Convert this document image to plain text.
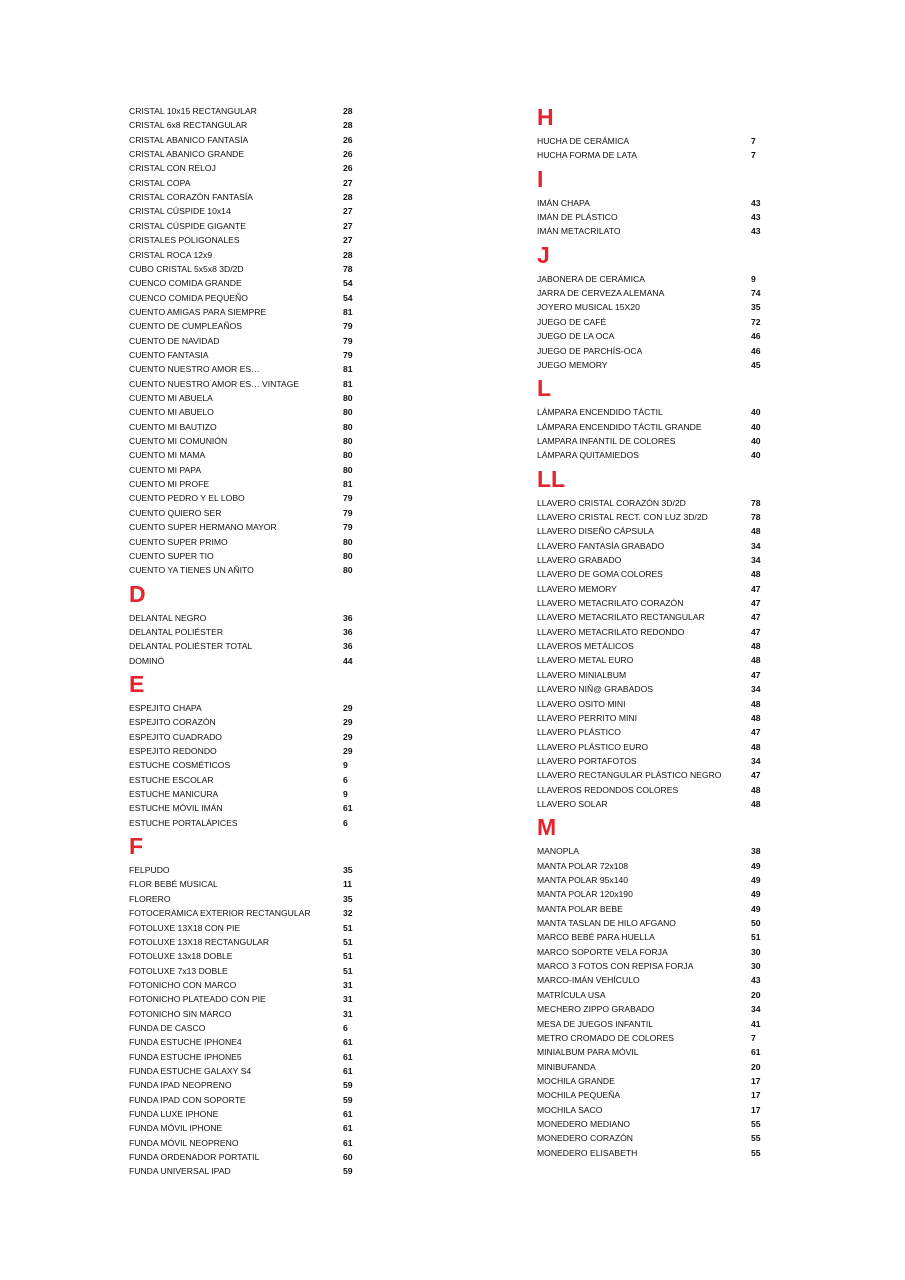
CRISTAL 10x15 RECTANGULAR	28
CRISTAL 6x8 RECTANGULAR	28
CRISTAL ABANICO FANTASÍA	26
CRISTAL ABANICO GRANDE	26
CRISTAL CON RELOJ	26
CRISTAL COPA	27
CRISTAL CORAZÓN FANTASÍA	28
CRISTAL CÚSPIDE 10x14	27
CRISTAL CÚSPIDE GIGANTE	27
CRISTALES POLIGONALES	27
CRISTAL ROCA 12x9	28
CUBO CRISTAL 5x5x8 3D/2D	78
CUENCO COMIDA GRANDE	54
CUENCO COMIDA PEQUEÑO	54
CUENTO AMIGAS PARA SIEMPRE	81
CUENTO DE CUMPLEAÑOS	79
CUENTO DE NAVIDAD	79
CUENTO FANTASIA	79
CUENTO NUESTRO AMOR ES…	81
CUENTO NUESTRO AMOR ES… VINTAGE	81
CUENTO MI ABUELA	80
CUENTO MI ABUELO	80
CUENTO MI BAUTIZO	80
CUENTO MI COMUNIÓN	80
CUENTO MI MAMA	80
CUENTO MI PAPA	80
CUENTO MI PROFE	81
CUENTO PEDRO Y EL LOBO	79
CUENTO QUIERO SER	79
CUENTO SUPER HERMANO MAYOR	79
CUENTO SUPER PRIMO	80
CUENTO SUPER TIO	80
CUENTO YA TIENES UN AÑITO	80
D
DELANTAL NEGRO	36
DELANTAL POLIÉSTER	36
DELANTAL POLIÉSTER TOTAL	36
DOMINÓ	44
E
ESPEJITO CHAPA	29
ESPEJITO CORAZÓN	29
ESPEJITO CUADRADO	29
ESPEJITO REDONDO	29
ESTUCHE COSMÉTICOS	9
ESTUCHE ESCOLAR	6
ESTUCHE MANICURA	9
ESTUCHE MÓVIL IMÁN	61
ESTUCHE PORTALÁPICES	6
F
FELPUDO	35
FLOR BEBÉ MUSICAL	11
FLORERO	35
FOTOCERAMICA EXTERIOR RECTANGULAR	32
FOTOLUXE 13X18 CON PIE	51
FOTOLUXE 13X18 RECTANGULAR	51
FOTOLUXE 13x18 DOBLE	51
FOTOLUXE 7x13 DOBLE	51
FOTONICHO CON MARCO	31
FOTONICHO PLATEADO CON PIE	31
FOTONICHO SIN MARCO	31
FUNDA DE CASCO	6
FUNDA ESTUCHE IPHONE4	61
FUNDA ESTUCHE IPHONE5	61
FUNDA ESTUCHE GALAXY S4	61
FUNDA IPAD NEOPRENO	59
FUNDA IPAD CON SOPORTE	59
FUNDA LUXE IPHONE	61
FUNDA MÓVIL IPHONE	61
FUNDA MÓVIL NEOPRENO	61
FUNDA ORDENADOR PORTATIL	60
FUNDA UNIVERSAL IPAD	59
H
HUCHA DE CERÁMICA	7
HUCHA FORMA DE LATA	7
I
IMÁN CHAPA	43
IMÁN DE PLÁSTICO	43
IMÁN METACRILATO	43
J
JABONERA DE CERÁMICA	9
JARRA DE CERVEZA ALEMANA	74
JOYERO MUSICAL 15X20	35
JUEGO DE CAFÉ	72
JUEGO DE LA OCA	46
JUEGO DE PARCHÍS-OCA	46
JUEGO MEMORY	45
L
LÁMPARA ENCENDIDO TÁCTIL	40
LÁMPARA ENCENDIDO TÁCTIL GRANDE	40
LAMPARA INFANTIL DE COLORES	40
LÁMPARA QUITAMIEDOS	40
LL
LLAVERO CRISTAL CORAZÓN 3D/2D	78
LLAVERO CRISTAL RECT. CON LUZ 3D/2D	78
LLAVERO DISEÑO CÁPSULA	48
LLAVERO FANTASÍA GRABADO	34
LLAVERO GRABADO	34
LLAVERO DE GOMA COLORES	48
LLAVERO MEMORY	47
LLAVERO METACRILATO CORAZÓN	47
LLAVERO METACRILATO RECTANGULAR	47
LLAVERO METACRILATO REDONDO	47
LLAVEROS METÁLICOS	48
LLAVERO METAL EURO	48
LLAVERO MINIALBUM	47
LLAVERO NIÑ@ GRABADOS	34
LLAVERO OSITO MINI	48
LLAVERO PERRITO MINI	48
LLAVERO PLÁSTICO	47
LLAVERO PLÁSTICO EURO	48
LLAVERO PORTAFOTOS	34
LLAVERO RECTANGULAR PLÁSTICO NEGRO	47
LLAVEROS REDONDOS COLORES	48
LLAVERO SOLAR	48
M
MANOPLA	38
MANTA POLAR 72x108	49
MANTA POLAR 95x140	49
MANTA POLAR 120x190	49
MANTA POLAR BEBE	49
MANTA TASLAN DE HILO AFGANO	50
MARCO BEBÉ PARA HUELLA	51
MARCO SOPORTE VELA FORJA	30
MARCO 3 FOTOS CON REPISA FORJA	30
MARCO-IMÁN VEHÍCULO	43
MATRÍCULA USA	20
MECHERO ZIPPO GRABADO	34
MESA DE JUEGOS INFANTIL	41
METRO CROMADO DE COLORES	7
MINIALBUM PARA MÓVIL	61
MINIBUFANDA	20
MOCHILA GRANDE	17
MOCHILA PEQUEÑA	17
MOCHILA SACO	17
MONEDERO MEDIANO	55
MONEDERO CORAZÓN	55
MONEDERO ELISABETH	55
